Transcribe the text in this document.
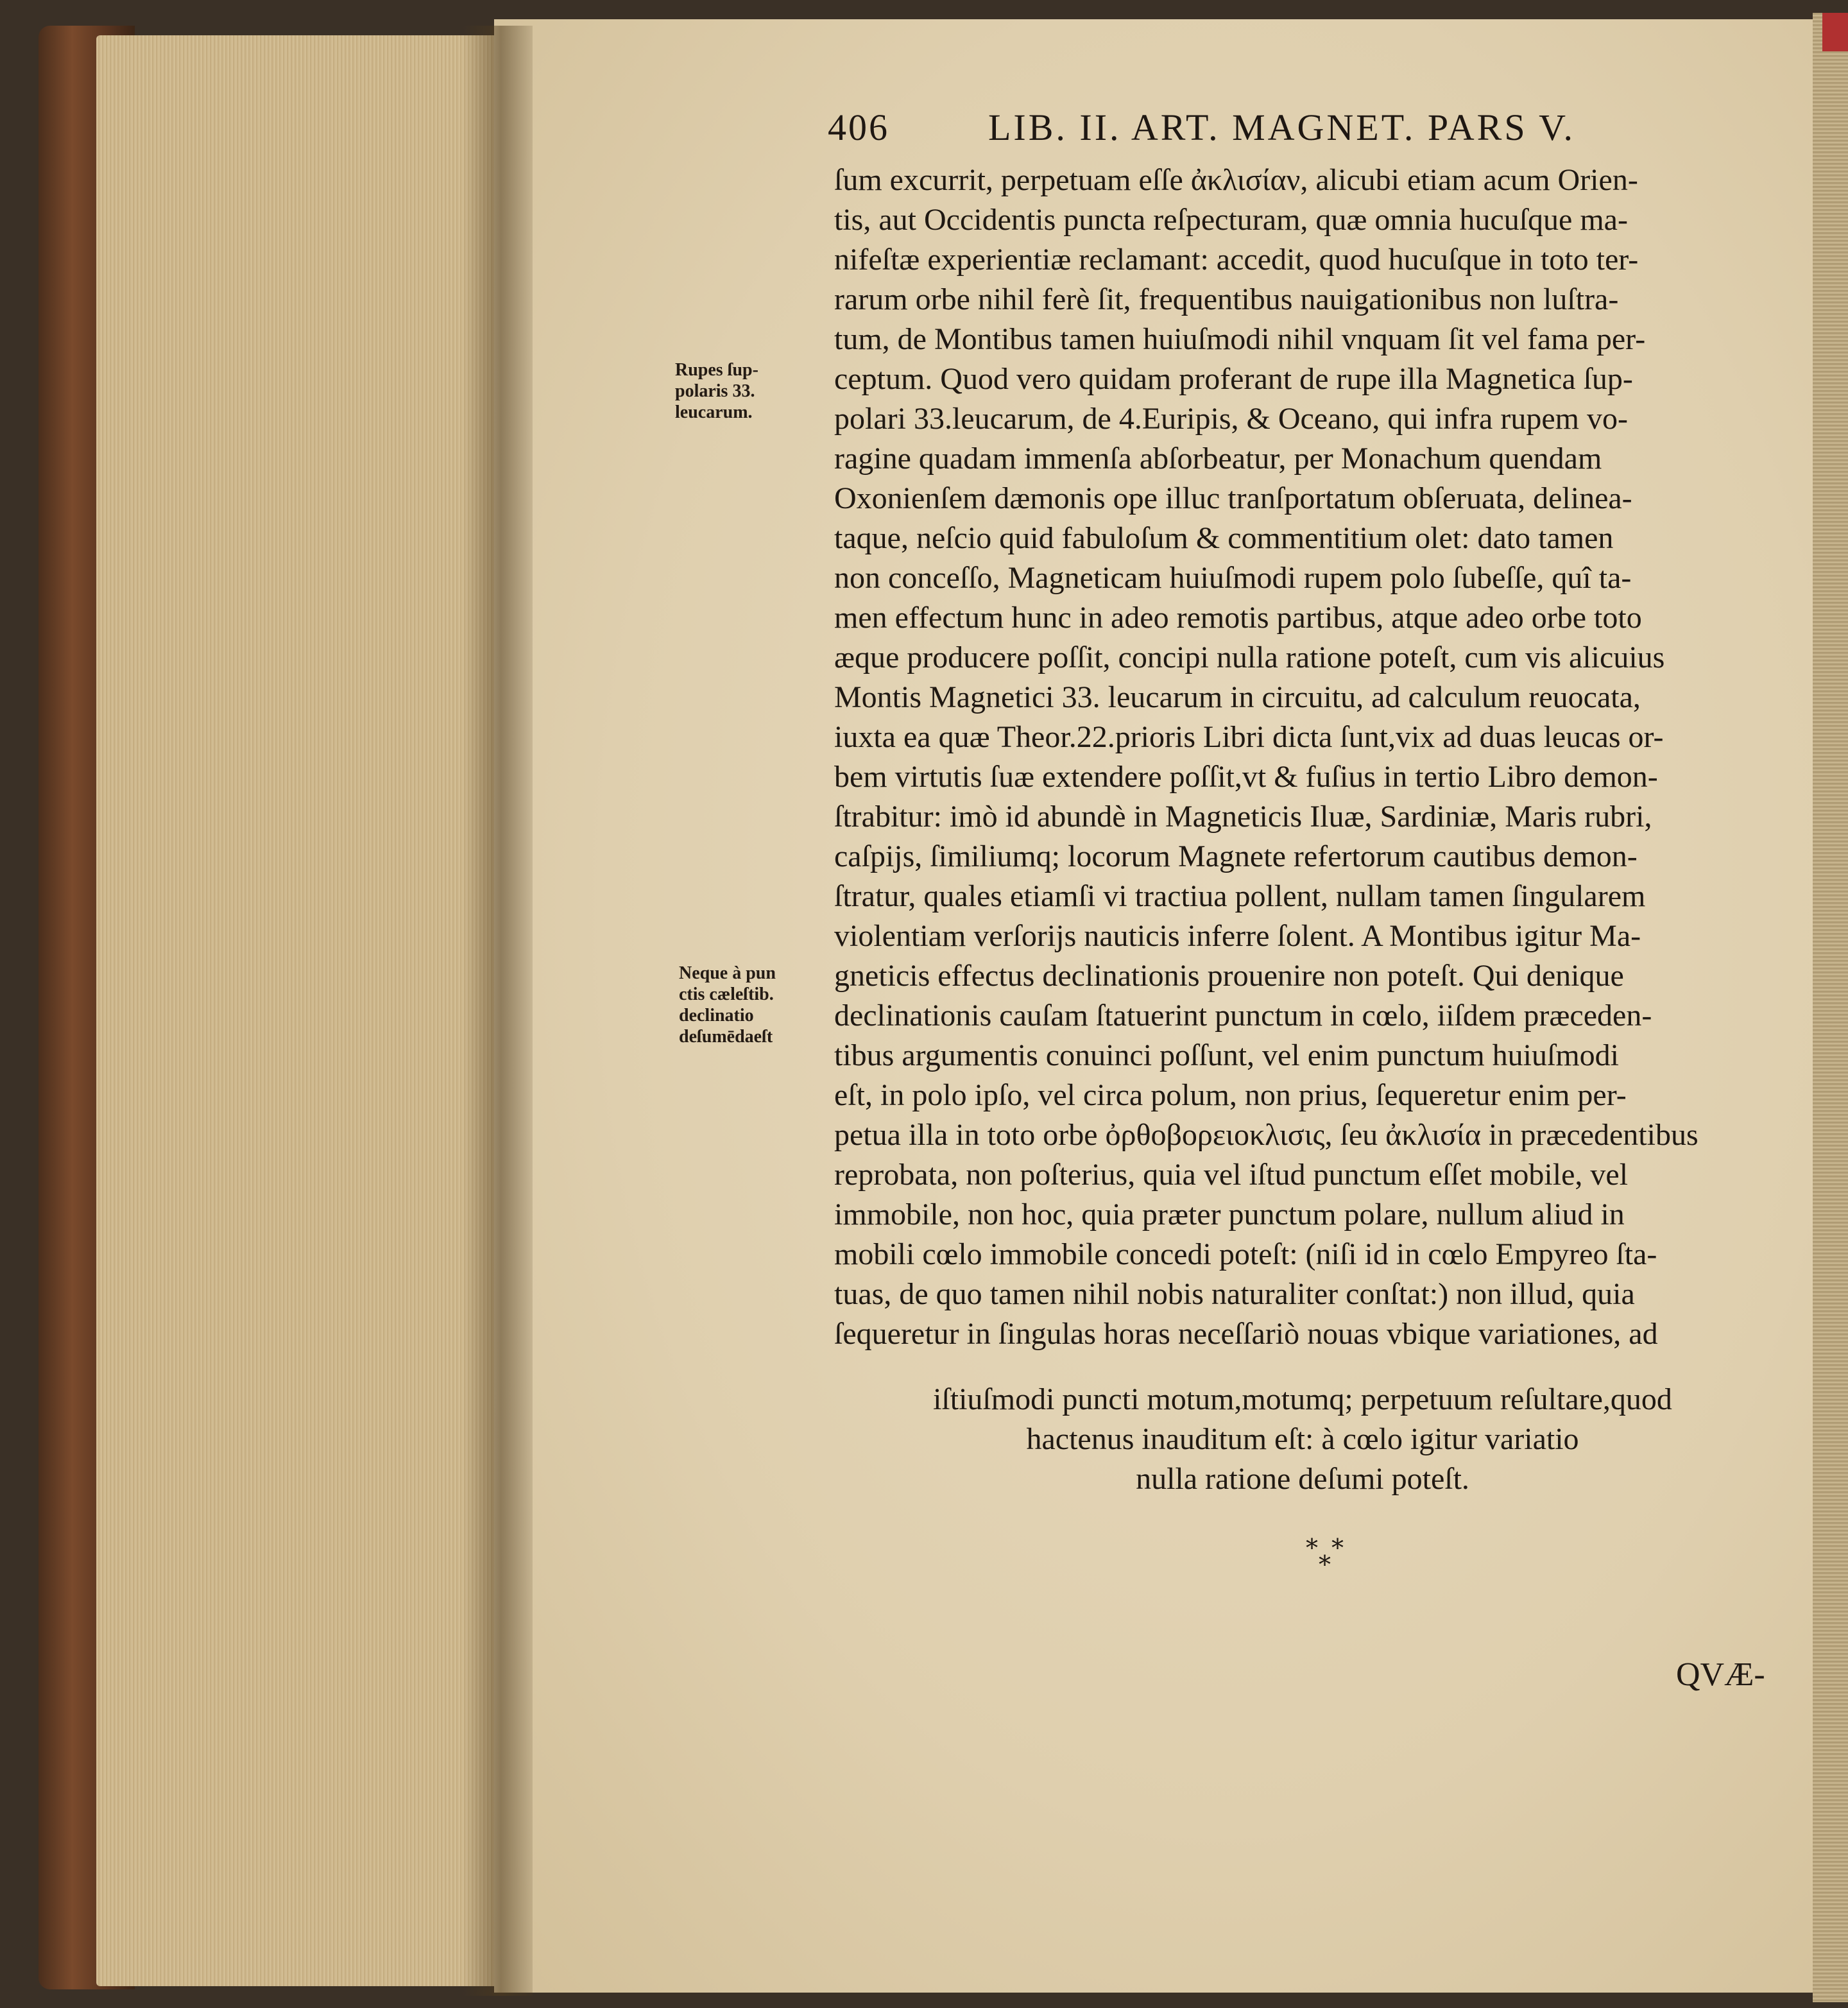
406	LIB. II. ART. MAGNET. PARS V.
Rupes ſup-
polaris 33.
leucarum.
Neque à pun
ctis cæleſtib.
declinatio
deſumēdaeſt
ſum excurrit, perpetuam eſſe ἀκλισίαν, alicubi etiam acum Orien-
tis, aut Occidentis puncta reſpecturam, quæ omnia hucuſque ma-
nifeſtæ experientiæ reclamant: accedit, quod hucuſque in toto ter-
rarum orbe nihil ferè ſit, frequentibus nauigationibus non luſtra-
tum, de Montibus tamen huiuſmodi nihil vnquam ſit vel fama per-
ceptum. Quod vero quidam proferant de rupe illa Magnetica ſup-
polari 33.leucarum, de 4.Euripis, & Oceano, qui infra rupem vo-
ragine quadam immenſa abſorbeatur, per Monachum quendam
Oxonienſem dæmonis ope illuc tranſportatum obſeruata, delinea-
taque, neſcio quid fabuloſum & commentitium olet: dato tamen
non conceſſo, Magneticam huiuſmodi rupem polo ſubeſſe, quî ta-
men effectum hunc in adeo remotis partibus, atque adeo orbe toto
æque producere poſſit, concipi nulla ratione poteſt, cum vis alicuius
Montis Magnetici 33. leucarum in circuitu, ad calculum reuocata,
iuxta ea quæ Theor.22.prioris Libri dicta ſunt,vix ad duas leucas or-
bem virtutis ſuæ extendere poſſit,vt & fuſius in tertio Libro demon-
ſtrabitur: imò id abundè in Magneticis Iluæ, Sardiniæ, Maris rubri,
caſpijs, ſimiliumq; locorum Magnete refertorum cautibus demon-
ſtratur, quales etiamſi vi tractiua pollent, nullam tamen ſingularem
violentiam verſorijs nauticis inferre ſolent. A Montibus igitur Ma-
gneticis effectus declinationis prouenire non poteſt. Qui denique
declinationis cauſam ſtatuerint punctum in cœlo, iiſdem præceden-
tibus argumentis conuinci poſſunt, vel enim punctum huiuſmodi
eſt, in polo ipſo, vel circa polum, non prius, ſequeretur enim per-
petua illa in toto orbe ὀρθοβορειοκλισις, ſeu ἀκλισία in præcedentibus
reprobata, non poſterius, quia vel iſtud punctum eſſet mobile, vel
immobile, non hoc, quia præter punctum polare, nullum aliud in
mobili cœlo immobile concedi poteſt: (niſi id in cœlo Empyreo ſta-
tuas, de quo tamen nihil nobis naturaliter conſtat:) non illud, quia
ſequeretur in ſingulas horas neceſſariò nouas vbique variationes, ad
iſtiuſmodi puncti motum,motumq; perpetuum reſultare,quod
hactenus inauditum eſt: à cœlo igitur variatio
nulla ratione deſumi poteſt.
* *
*
QVÆ-
